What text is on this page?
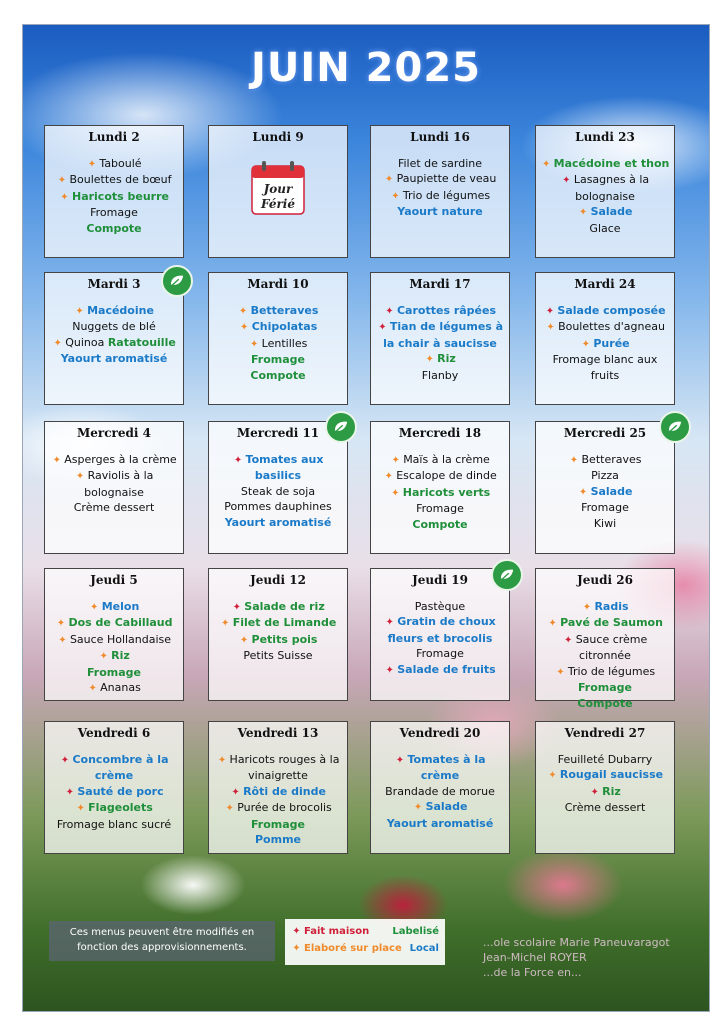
JUIN 2025
Lundi 2
✦ Taboulé
✦ Boulettes de bœuf
✦ Haricots beurre
Fromage
Compote
Lundi 9
Jour
Férié
Lundi 16
Filet de sardine
✦ Paupiette de veau
✦ Trio de légumes
Yaourt nature
Lundi 23
✦ Macédoine et thon
✦ Lasagnes à la bolognaise
✦ Salade
Glace
Mardi 3
✦ Macédoine
Nuggets de blé
✦ Quinoa Ratatouille
Yaourt aromatisé
Mardi 10
✦ Betteraves
✦ Chipolatas
✦ Lentilles
Fromage
Compote
Mardi 17
✦ Carottes râpées
✦ Tian de légumes à la chair à saucisse
✦ Riz
Flanby
Mardi 24
✦ Salade composée
✦ Boulettes d'agneau
✦ Purée
Fromage blanc aux fruits
Mercredi 4
✦ Asperges à la crème
✦ Raviolis à la bolognaise
Crème dessert
Mercredi 11
✦ Tomates aux basilics
Steak de soja
Pommes dauphines
Yaourt aromatisé
Mercredi 18
✦ Maïs à la crème
✦ Escalope de dinde
✦ Haricots verts
Fromage
Compote
Mercredi 25
✦ Betteraves
Pizza
✦ Salade
Fromage
Kiwi
Jeudi 5
✦ Melon
✦ Dos de Cabillaud
✦ Sauce Hollandaise
✦ Riz
Fromage
✦ Ananas
Jeudi 12
✦ Salade de riz
✦ Filet de Limande
✦ Petits pois
Petits Suisse
Jeudi 19
Pastèque
✦ Gratin de choux fleurs et brocolis
Fromage
✦ Salade de fruits
Jeudi 26
✦ Radis
✦ Pavé de Saumon
✦ Sauce crème citronnée
✦ Trio de légumes
Fromage
Compote
Vendredi 6
✦ Concombre à la crème
✦ Sauté de porc
✦ Flageolets
Fromage blanc sucré
Vendredi 13
✦ Haricots rouges à la vinaigrette
✦ Rôti de dinde
✦ Purée de brocolis
Fromage
Pomme
Vendredi 20
✦ Tomates à la crème
Brandade de morue
✦ Salade
Yaourt aromatisé
Vendredi 27
Feuilleté Dubarry
✦ Rougail saucisse
✦ Riz
Crème dessert
Ces menus peuvent être modifiés en fonction des approvisionnements.
✦ Fait maison Labelisé
✦ Elaboré sur place Local	...ole scolaire Marie Paneuvaragot
Jean-Michel ROYER
...de la Force en...
